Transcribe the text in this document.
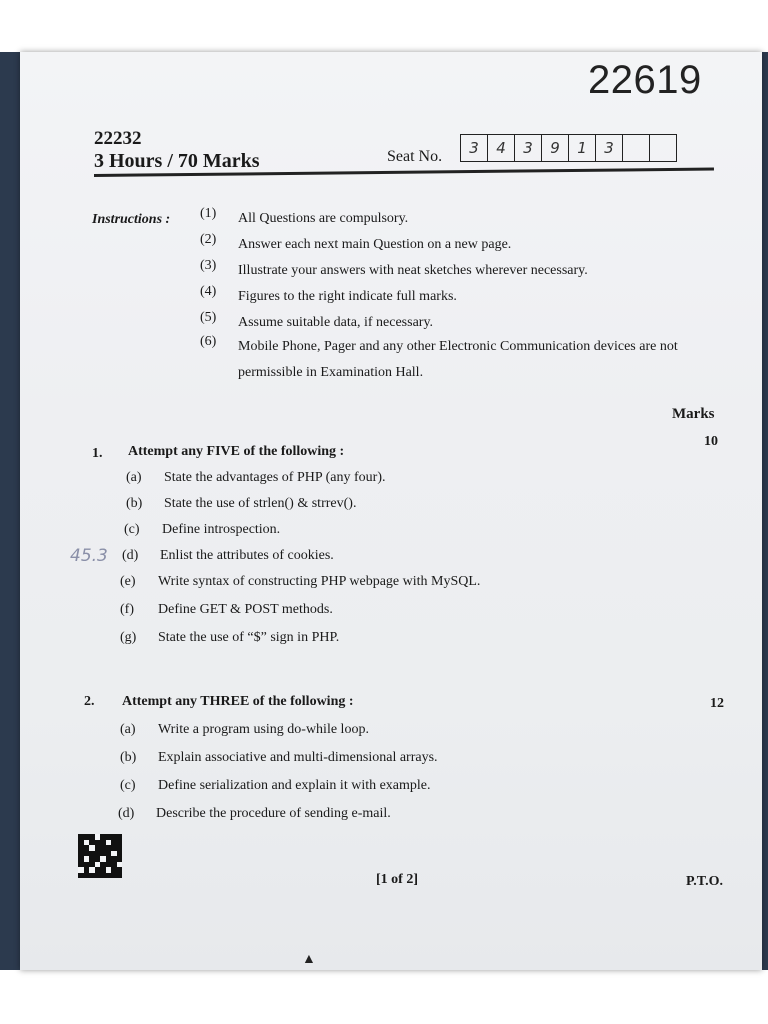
22619
22232
3 Hours / 70 Marks	Seat No.	3	4	3	9	1	3
Instructions : (1)	All Questions are compulsory.
(2)	Answer each next main Question on a new page.
(3)	Illustrate your answers with neat sketches wherever necessary.
(4)	Figures to the right indicate full marks.
(5)	Assume suitable data, if necessary.
(6)	Mobile Phone, Pager and any other Electronic Communication devices are not permissible in Examination Hall.
Marks
1. Attempt any FIVE of the following :
10
(a)	State the advantages of PHP (any four).
(b)	State the use of strlen() & strrev().
(c)	Define introspection.
45.3 (d)	Enlist the attributes of cookies.
(e)	Write syntax of constructing PHP webpage with MySQL.
(f)	Define GET & POST methods.
(g)	State the use of “$” sign in PHP.
2. Attempt any THREE of the following :	12
(a)	Write a program using do-while loop.
(b)	Explain associative and multi-dimensional arrays.
(c)	Define serialization and explain it with example.
(d)	Describe the procedure of sending e-mail.
[1 of 2]	P.T.O.
▲
